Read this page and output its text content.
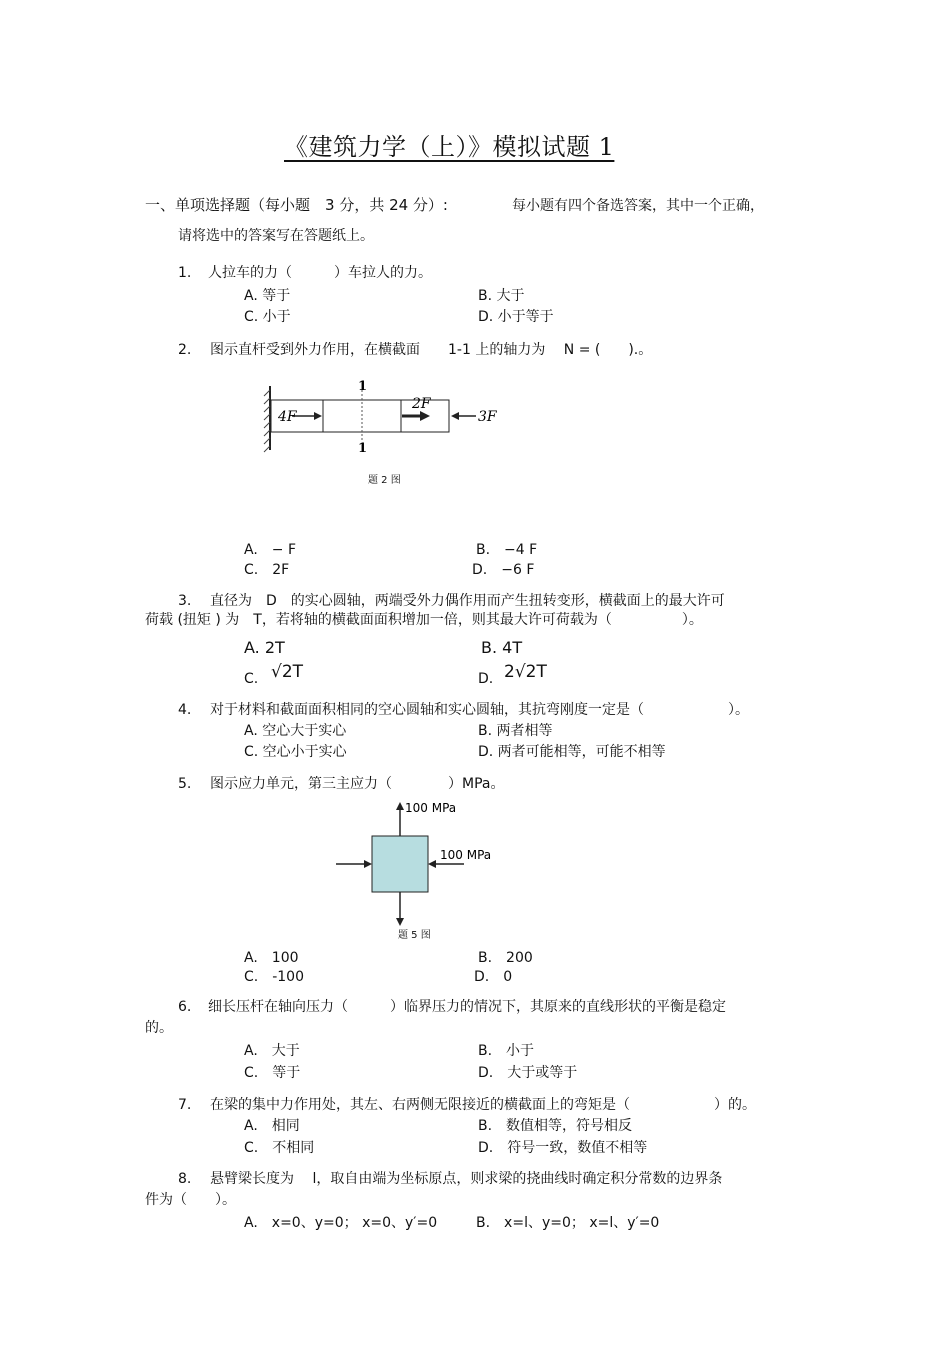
《建筑力学（上）》模拟试题 1
一、单项选择题（每小题　3 分，共 24 分）:	每小题有四个备选答案，其中一个正确，
请将选中的答案写在答题纸上。
1. 人拉车的力（　　　）车拉人的力。
A. 等于	B. 大于
C. 小于	D. 小于等于
2. 图示直杆受到外力作用，在横截面　　1-1 上的轴力为　 N = (　　).。
1
1
4F
2F
3F
题 2 图
A.　− F	B.　−4 F
C.　2F	D.　−6 F
3. 直径为　D　的实心圆轴，两端受外力偶作用而产生扭转变形，横截面上的最大许可
荷载 (扭矩 ) 为　T，若将轴的横截面面积增加一倍，则其最大许可荷载为（　　　　　）。
A. 2T	B. 4T
C. √2T	D. 2√2T
4. 对于材料和截面面积相同的空心圆轴和实心圆轴，其抗弯刚度一定是（　　　　　　）。
A. 空心大于实心	B. 两者相等
C. 空心小于实心	D. 两者可能相等，可能不相等
5. 图示应力单元，第三主应力（　　　　）MPa。
100 MPa
100 MPa
题 5 图
A.　100	B.　200
C.　-100	D.　0
6. 细长压杆在轴向压力（　　　）临界压力的情况下，其原来的直线形状的平衡是稳定
的。
A.　大于	B.　小于
C.　等于	D.　大于或等于
7. 在梁的集中力作用处，其左、右两侧无限接近的横截面上的弯矩是（　　　　　　）的。
A.　相同	B.　数值相等，符号相反
C.　不相同	D.　符号一致，数值不相等
8. 悬臂梁长度为　 l，取自由端为坐标原点，则求梁的挠曲线时确定积分常数的边界条
件为（　　）。
A.　x=0、y=0； x=0、y′=0	B.　x=l、y=0； x=l、y′=0
